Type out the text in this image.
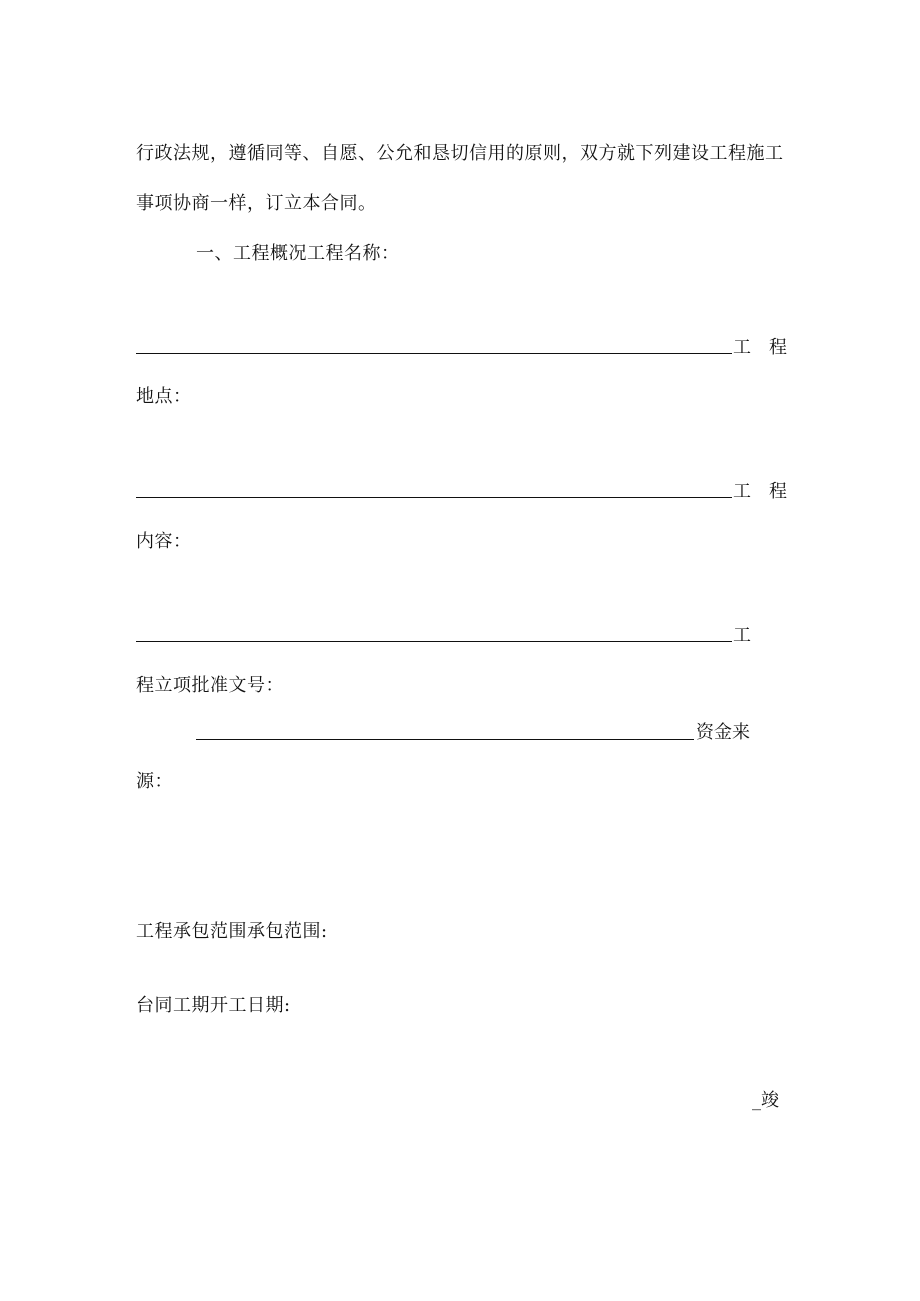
行政法规，遵循同等、自愿、公允和恳切信用的原则，双方就下列建设工程施工
事项协商一样，订立本合同。
一、工程概况工程名称：
工　程
地点：
工　程
内容：
工
程立项批准文号：
资金来
源：
工程承包范围承包范围:
台同工期开工日期:
_竣
